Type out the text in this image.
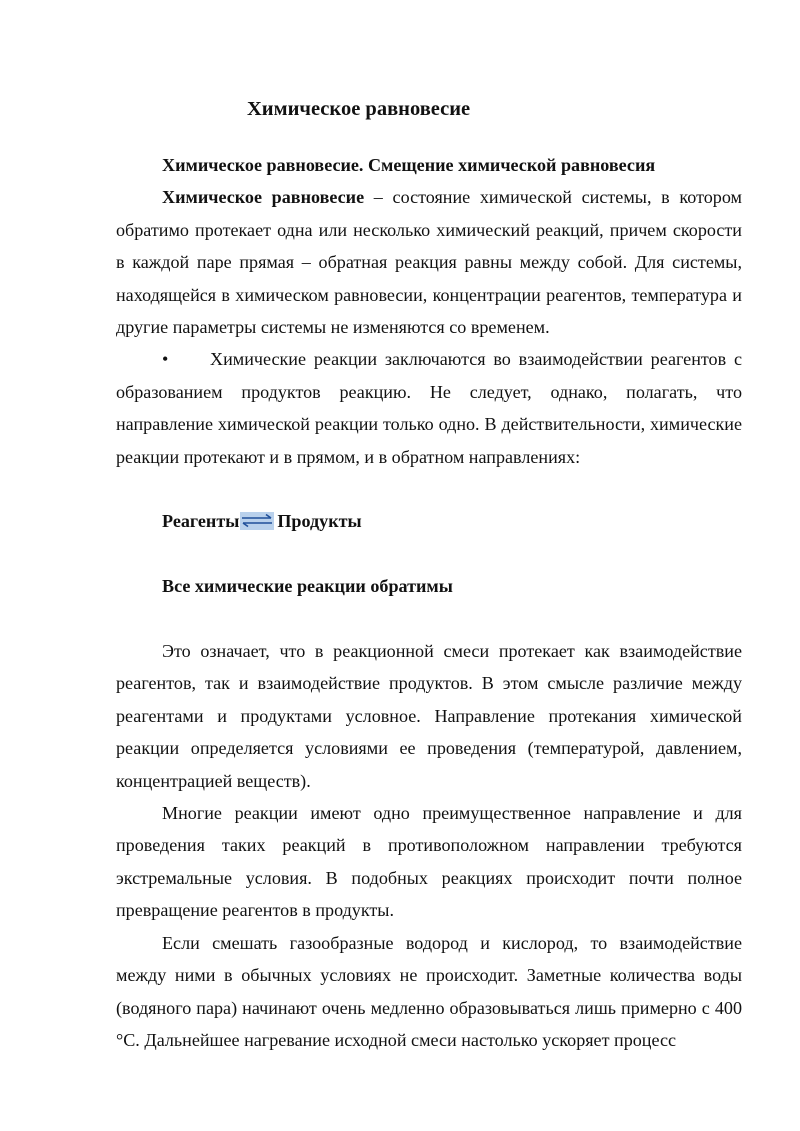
Химическое равновесие

Химическое равновесие. Смещение химической равновесия

Химическое равновесие – состояние химической системы, в котором обратимо протекает одна или несколько химический реакций, причем скорости в каждой паре прямая – обратная реакция равны между собой. Для системы, находящейся в химическом равновесии, концентрации реагентов, температура и другие параметры системы не изменяются со временем.

• Химические реакции заключаются во взаимодействии реагентов с образованием продуктов реакцию. Не следует, однако, полагать, что направление химической реакции только одно. В действительности, химические реакции протекают и в прямом, и в обратном направлениях:

Реагенты Продукты

Все химические реакции обратимы

Это означает, что в реакционной смеси протекает как взаимодействие реагентов, так и взаимодействие продуктов. В этом смысле различие между реагентами и продуктами условное. Направление протекания химической реакции определяется условиями ее проведения (температурой, давлением, концентрацией веществ).

Многие реакции имеют одно преимущественное направление и для проведения таких реакций в противоположном направлении требуются экстремальные условия. В подобных реакциях происходит почти полное превращение реагентов в продукты.

Если смешать газообразные водород и кислород, то взаимодействие между ними в обычных условиях не происходит. Заметные количества воды (водяного пара) начинают очень медленно образовываться лишь примерно с 400 °С. Дальнейшее нагревание исходной смеси настолько ускоряет процесс
